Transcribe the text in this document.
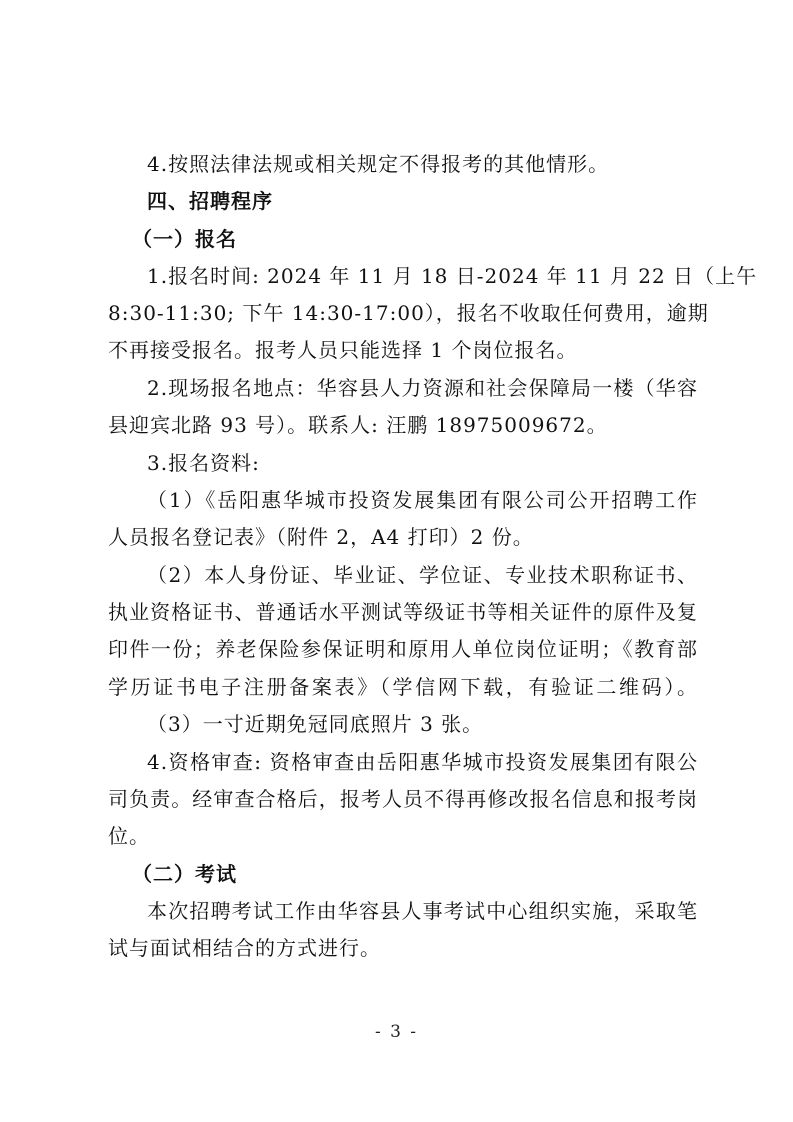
4.按照法律法规或相关规定不得报考的其他情形。
四、招聘程序
（一）报名
1.报名时间: 2024 年 11 月 18 日-2024 年 11 月 22 日（上午
8:30-11:30; 下午 14:30-17:00），报名不收取任何费用，逾期
不再接受报名。报考人员只能选择 1 个岗位报名。
2.现场报名地点：华容县人力资源和社会保障局一楼（华容
县迎宾北路 93 号）。联系人: 汪鹏 18975009672。
3.报名资料:
（1）《岳阳惠华城市投资发展集团有限公司公开招聘工作
人员报名登记表》（附件 2，A4 打印）2 份。
（2）本人身份证、毕业证、学位证、专业技术职称证书、
执业资格证书、普通话水平测试等级证书等相关证件的原件及复
印件一份；养老保险参保证明和原用人单位岗位证明；《教育部
学历证书电子注册备案表》（学信网下载，有验证二维码）。
（3）一寸近期免冠同底照片 3 张。
4.资格审查: 资格审查由岳阳惠华城市投资发展集团有限公
司负责。经审查合格后，报考人员不得再修改报名信息和报考岗
位。
（二）考试
本次招聘考试工作由华容县人事考试中心组织实施，采取笔
试与面试相结合的方式进行。
- 3 -
